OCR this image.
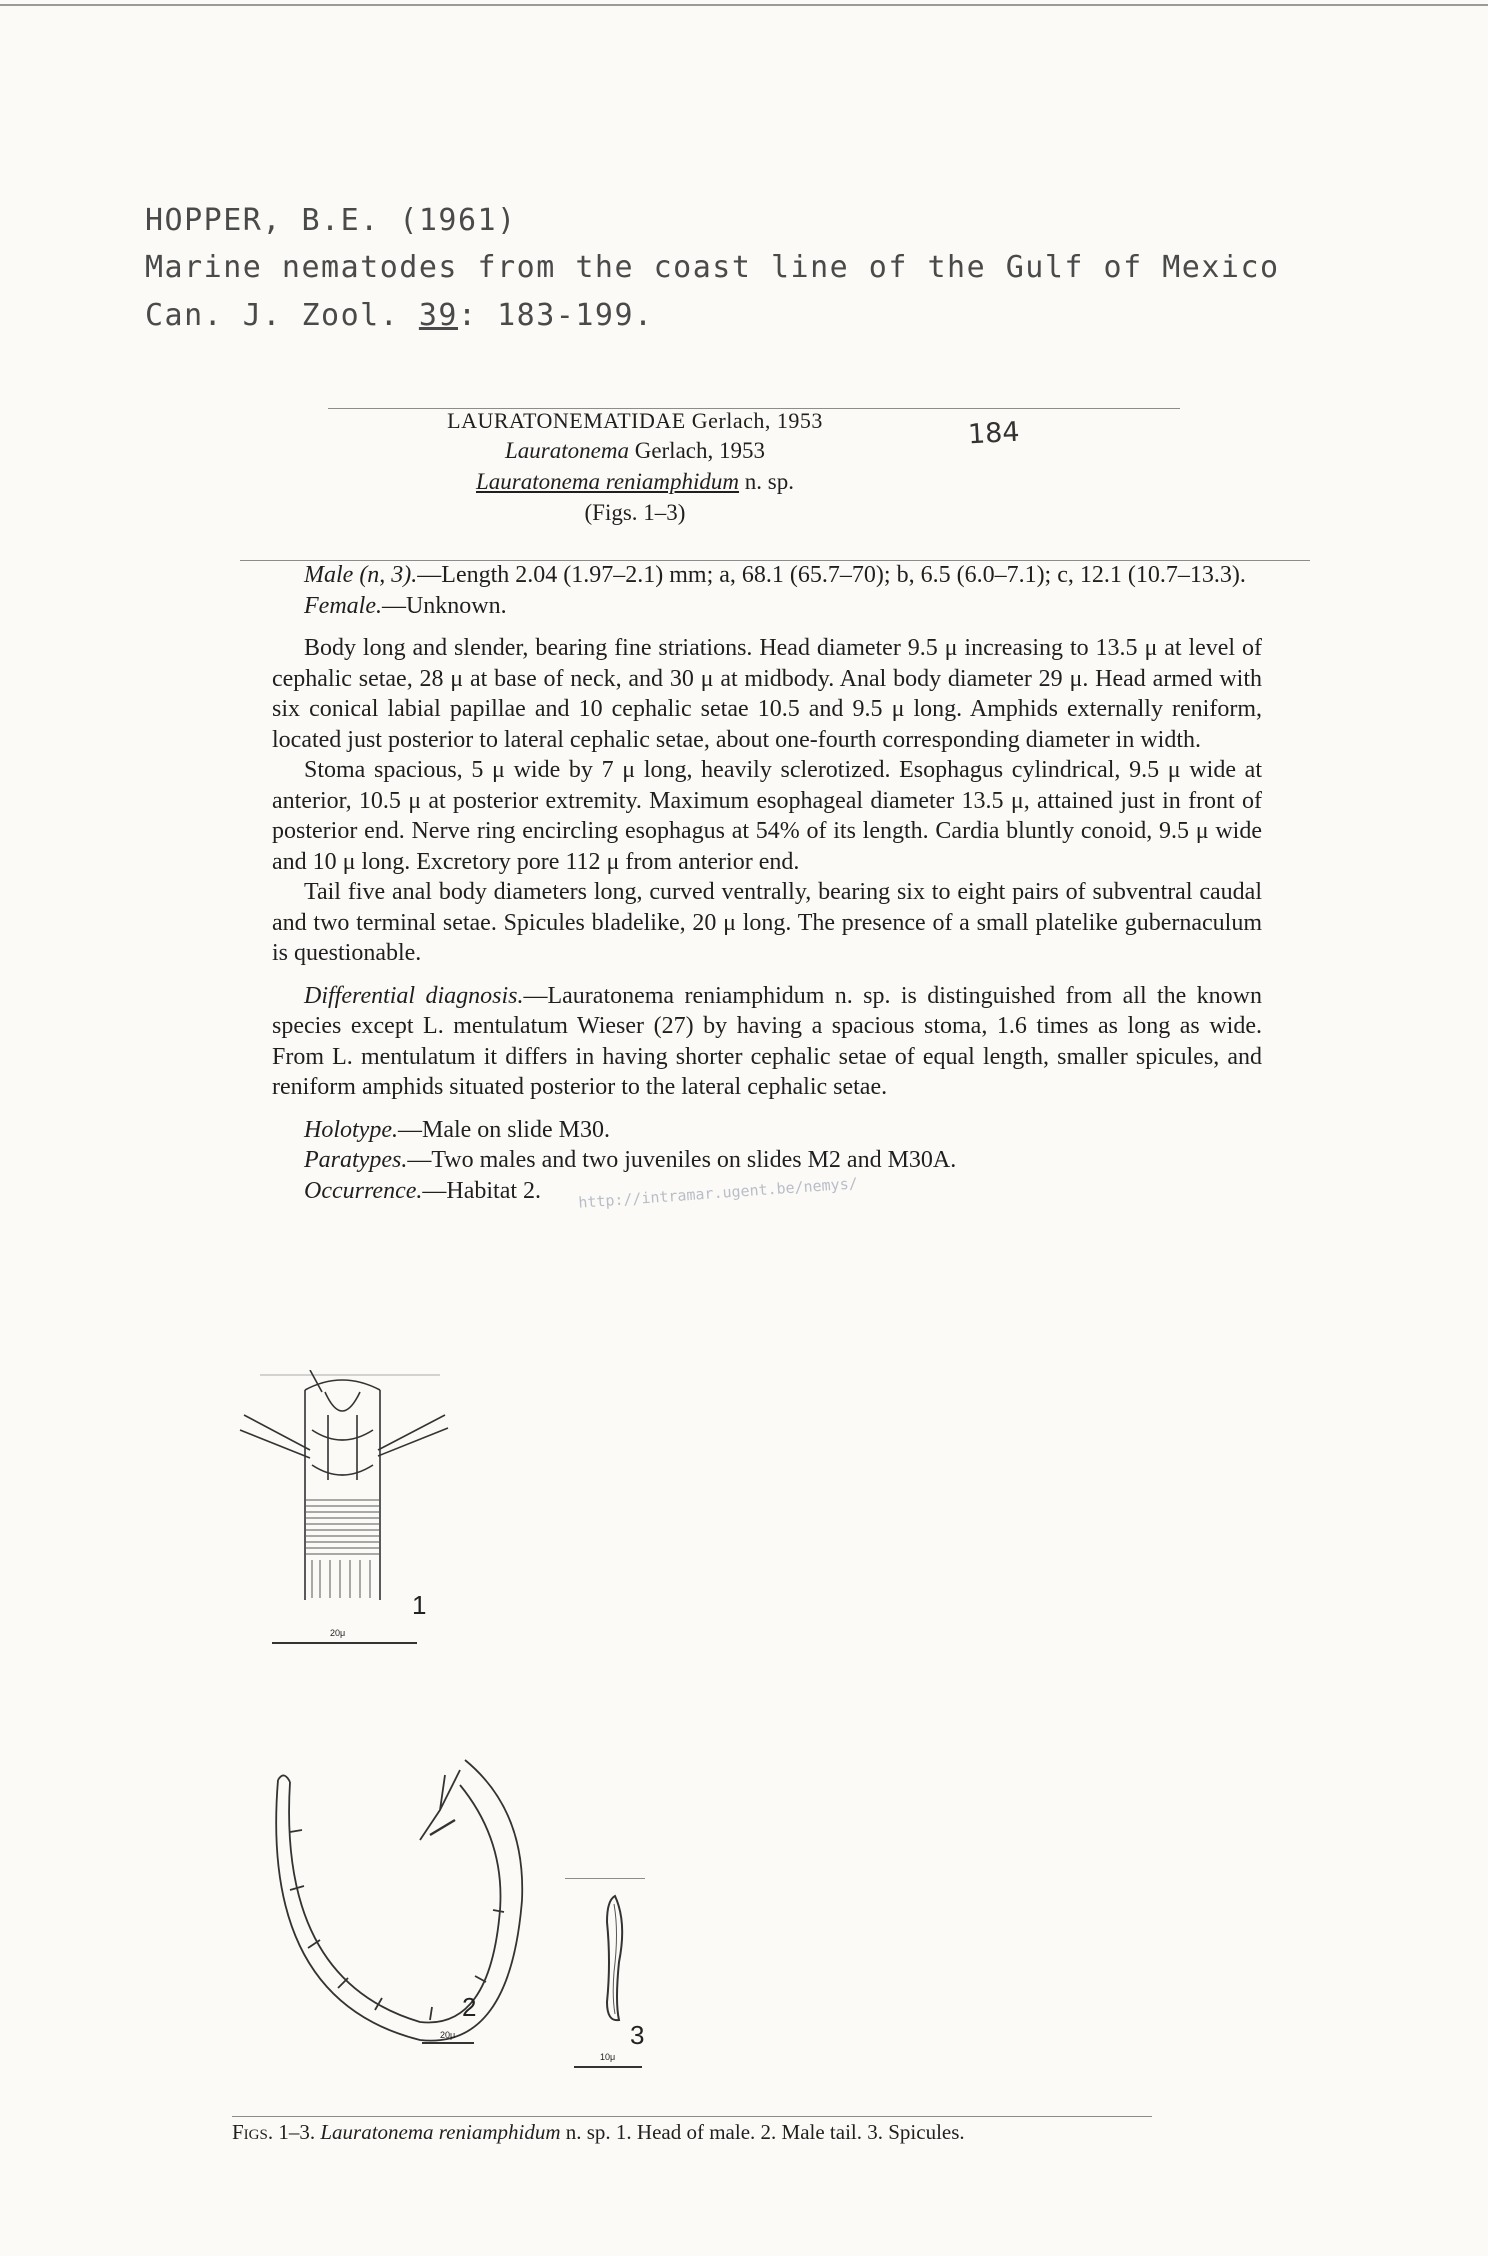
HOPPER, B.E. (1961)
Marine nematodes from the coast line of the Gulf of Mexico
Can. J. Zool. 39: 183-199.
LAURATONEMATIDAE Gerlach, 1953
Lauratonema Gerlach, 1953
Lauratonema reniamphidum n. sp.
(Figs. 1–3)
184

Male (n, 3).—Length 2.04 (1.97–2.1) mm; a, 68.1 (65.7–70); b, 6.5 (6.0–7.1); c, 12.1 (10.7–13.3).

Female.—Unknown.

Body long and slender, bearing fine striations. Head diameter 9.5 μ increasing to 13.5 μ at level of cephalic setae, 28 μ at base of neck, and 30 μ at midbody. Anal body diameter 29 μ. Head armed with six conical labial papillae and 10 cephalic setae 10.5 and 9.5 μ long. Amphids externally reniform, located just posterior to lateral cephalic setae, about one-fourth corresponding diameter in width.

Stoma spacious, 5 μ wide by 7 μ long, heavily sclerotized. Esophagus cylindrical, 9.5 μ wide at anterior, 10.5 μ at posterior extremity. Maximum esophageal diameter 13.5 μ, attained just in front of posterior end. Nerve ring encircling esophagus at 54% of its length. Cardia bluntly conoid, 9.5 μ wide and 10 μ long. Excretory pore 112 μ from anterior end.

Tail five anal body diameters long, curved ventrally, bearing six to eight pairs of subventral caudal and two terminal setae. Spicules bladelike, 20 μ long. The presence of a small platelike gubernaculum is questionable.

Differential diagnosis.—Lauratonema reniamphidum n. sp. is distinguished from all the known species except L. mentulatum Wieser (27) by having a spacious stoma, 1.6 times as long as wide. From L. mentulatum it differs in having shorter cephalic setae of equal length, smaller spicules, and reniform amphids situated posterior to the lateral cephalic setae.

Holotype.—Male on slide M30.

Paratypes.—Two males and two juveniles on slides M2 and M30A.

Occurrence.—Habitat 2.	http://intramar.ugent.be/nemys/
1
20μ
2
20μ	3
10μ
Figs. 1–3. Lauratonema reniamphidum n. sp. 1. Head of male. 2. Male tail. 3. Spicules.
